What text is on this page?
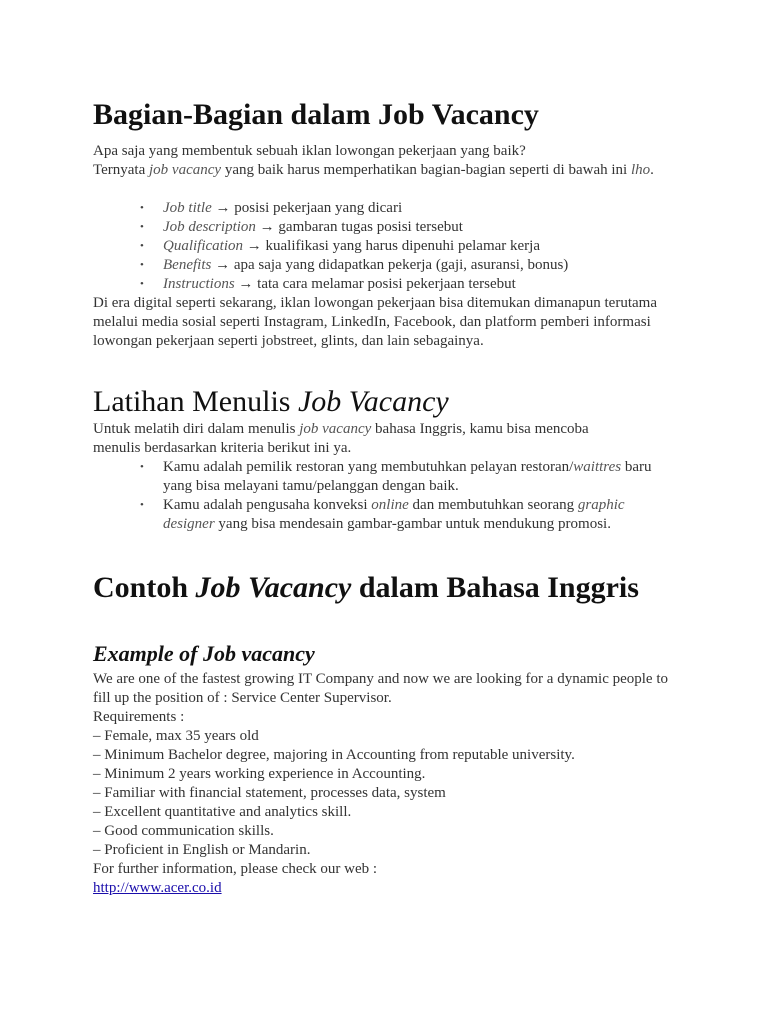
Bagian-Bagian dalam Job Vacancy

Apa saja yang membentuk sebuah iklan lowongan pekerjaan yang baik?
Ternyata job vacancy yang baik harus memperhatikan bagian-bagian seperti di bawah ini lho.

• Job title → posisi pekerjaan yang dicari
• Job description → gambaran tugas posisi tersebut
• Qualification → kualifikasi yang harus dipenuhi pelamar kerja
• Benefits → apa saja yang didapatkan pekerja (gaji, asuransi, bonus)
• Instructions → tata cara melamar posisi pekerjaan tersebut

Di era digital seperti sekarang, iklan lowongan pekerjaan bisa ditemukan dimanapun terutama melalui media sosial seperti Instagram, LinkedIn, Facebook, dan platform pemberi informasi lowongan pekerjaan seperti jobstreet, glints, dan lain sebagainya.

Latihan Menulis Job Vacancy

Untuk melatih diri dalam menulis job vacancy bahasa Inggris, kamu bisa mencoba menulis berdasarkan kriteria berikut ini ya.

• Kamu adalah pemilik restoran yang membutuhkan pelayan restoran/waittres baru yang bisa melayani tamu/pelanggan dengan baik.
• Kamu adalah pengusaha konveksi online dan membutuhkan seorang graphic designer yang bisa mendesain gambar-gambar untuk mendukung promosi.
Contoh Job Vacancy dalam Bahasa Inggris
Example of Job vacancy

We are one of the fastest growing IT Company and now we are looking for a dynamic people to fill up the position of : Service Center Supervisor.

Requirements :

– Female, max 35 years old

– Minimum Bachelor degree, majoring in Accounting from reputable university.

– Minimum 2 years working experience in Accounting.

– Familiar with financial statement, processes data, system

– Excellent quantitative and analytics skill.

– Good communication skills.

– Proficient in English or Mandarin.

For further information, please check our web :

http://www.acer.co.id
